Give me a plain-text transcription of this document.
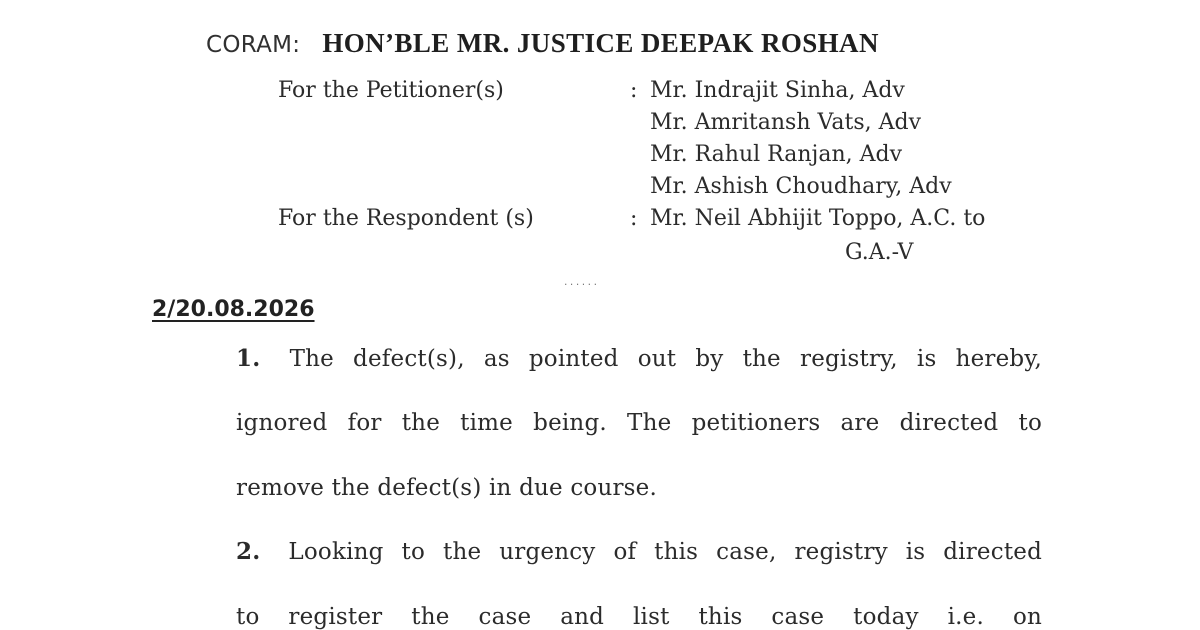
CORAM: HON’BLE MR. JUSTICE DEEPAK ROSHAN
For the Petitioner(s)	: Mr. Indrajit Sinha, Adv
Mr. Amritansh Vats, Adv
Mr. Rahul Ranjan, Adv
Mr. Ashish Choudhary, Adv
For the Respondent (s)	: Mr. Neil Abhijit Toppo, A.C. to
G.A.-V
......
2/20.08.2026
1. The defect(s), as pointed out by the registry, is hereby,
ignored for the time being. The petitioners are directed to
remove the defect(s) in due course.
2. Looking to the urgency of this case, registry is directed
to register the case and list this case today i.e. on
